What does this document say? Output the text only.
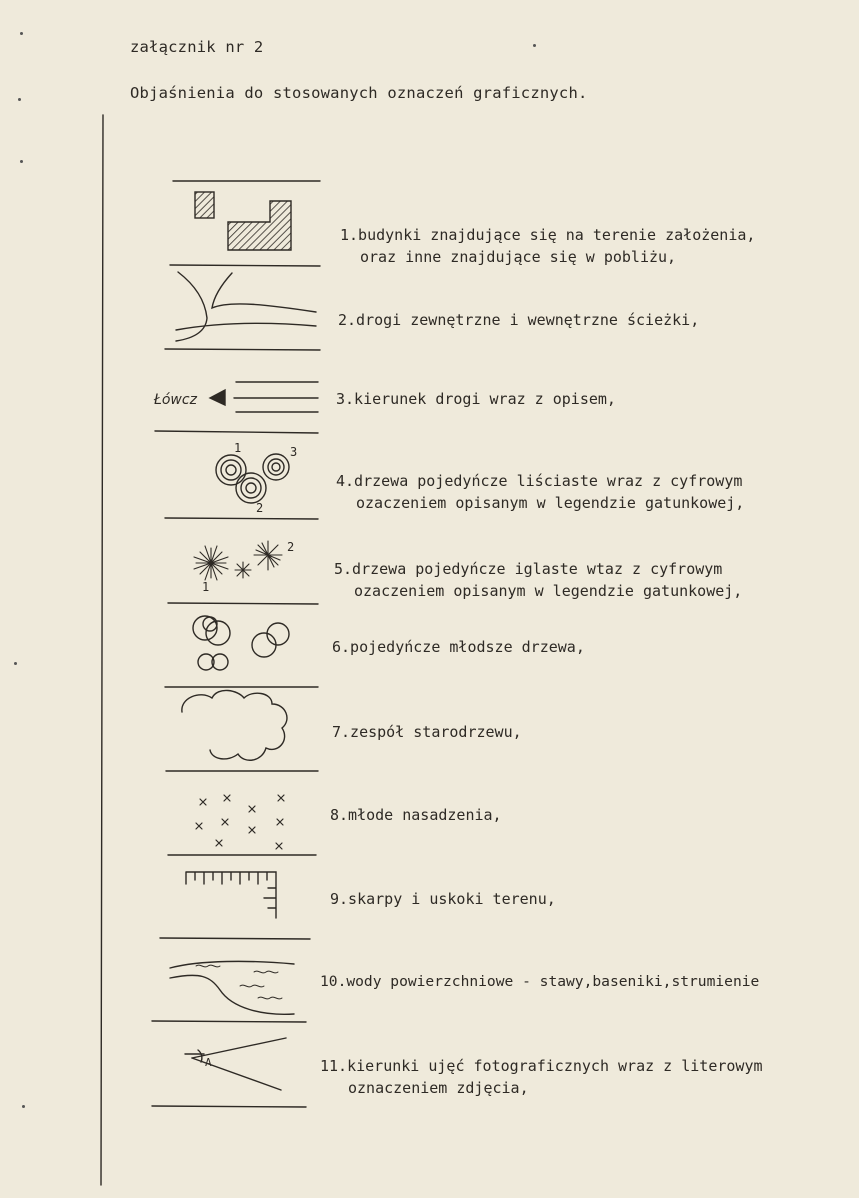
załącznik nr 2
Objaśnienia do stosowanych oznaczeń graficznych.
1.budynki znajdujące się na terenie założenia,
oraz inne znajdujące się w pobliżu,
2.drogi zewnętrzne i wewnętrzne ścieżki,
3.kierunek drogi wraz z opisem,
4.drzewa pojedyńcze liściaste wraz z cyfrowym
ozaczeniem opisanym w legendzie gatunkowej,
5.drzewa pojedyńcze iglaste wtaz z cyfrowym
ozaczeniem opisanym w legendzie gatunkowej,
6.pojedyńcze młodsze drzewa,
7.zespół starodrzewu,
8.młode nasadzenia,
9.skarpy i uskoki terenu,
10.wody powierzchniowe - stawy,baseniki,strumienie
11.kierunki ujęć fotograficznych wraz z literowym
oznaczeniem zdjęcia,
Łówcz
1
2
3
1
2
A
